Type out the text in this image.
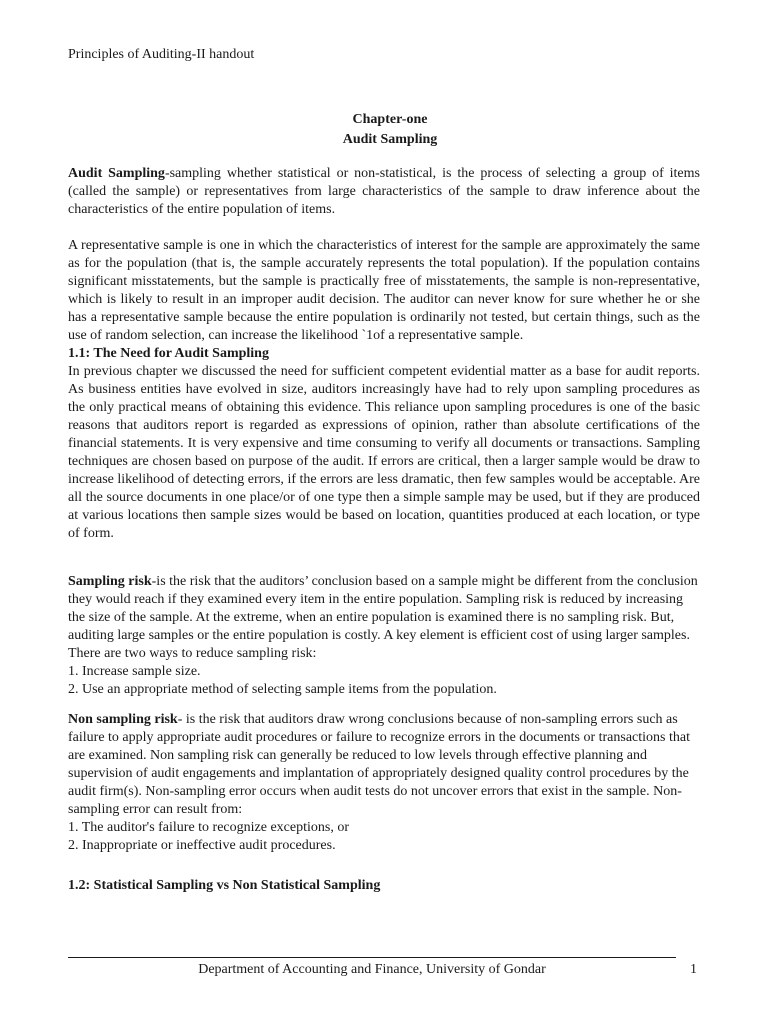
Principles of Auditing-II handout
Chapter-one
Audit Sampling

Audit Sampling-sampling whether statistical or non-statistical, is the process of selecting a group of items (called the sample) or representatives from large characteristics of the sample to draw inference about the characteristics of the entire population of items.

A representative sample is one in which the characteristics of interest for the sample are approximately the same as for the population (that is, the sample accurately represents the total population). If the population contains significant misstatements, but the sample is practically free of misstatements, the sample is non-representative, which is likely to result in an improper audit decision. The auditor can never know for sure whether he or she has a representative sample because the entire population is ordinarily not tested, but certain things, such as the use of random selection, can increase the likelihood `1of a representative sample.

1.1: The Need for Audit Sampling

In previous chapter we discussed the need for sufficient competent evidential matter as a base for audit reports. As business entities have evolved in size, auditors increasingly have had to rely upon sampling procedures as the only practical means of obtaining this evidence. This reliance upon sampling procedures is one of the basic reasons that auditors report is regarded as expressions of opinion, rather than absolute certifications of the financial statements. It is very expensive and time consuming to verify all documents or transactions. Sampling techniques are chosen based on purpose of the audit. If errors are critical, then a larger sample would be draw to increase likelihood of detecting errors, if the errors are less dramatic, then few samples would be acceptable. Are all the source documents in one place/or of one type then a simple sample may be used, but if they are produced at various locations then sample sizes would be based on location, quantities produced at each location, or type of form.

Sampling risk-is the risk that the auditors’ conclusion based on a sample might be different from the conclusion they would reach if they examined every item in the entire population. Sampling risk is reduced by increasing the size of the sample. At the extreme, when an entire population is examined there is no sampling risk. But, auditing large samples or the entire population is costly. A key element is efficient cost of using larger samples.

There are two ways to reduce sampling risk:

1. Increase sample size.

2. Use an appropriate method of selecting sample items from the population.

Non sampling risk- is the risk that auditors draw wrong conclusions because of non-sampling errors such as failure to apply appropriate audit procedures or failure to recognize errors in the documents or transactions that are examined. Non sampling risk can generally be reduced to low levels through effective planning and supervision of audit engagements and implantation of appropriately designed quality control procedures by the audit firm(s). Non-sampling error occurs when audit tests do not uncover errors that exist in the sample. Non-sampling error can result from:

1. The auditor's failure to recognize exceptions, or

2. Inappropriate or ineffective audit procedures.

1.2: Statistical Sampling vs Non Statistical Sampling

Department of Accounting and Finance, University of Gondar	1
